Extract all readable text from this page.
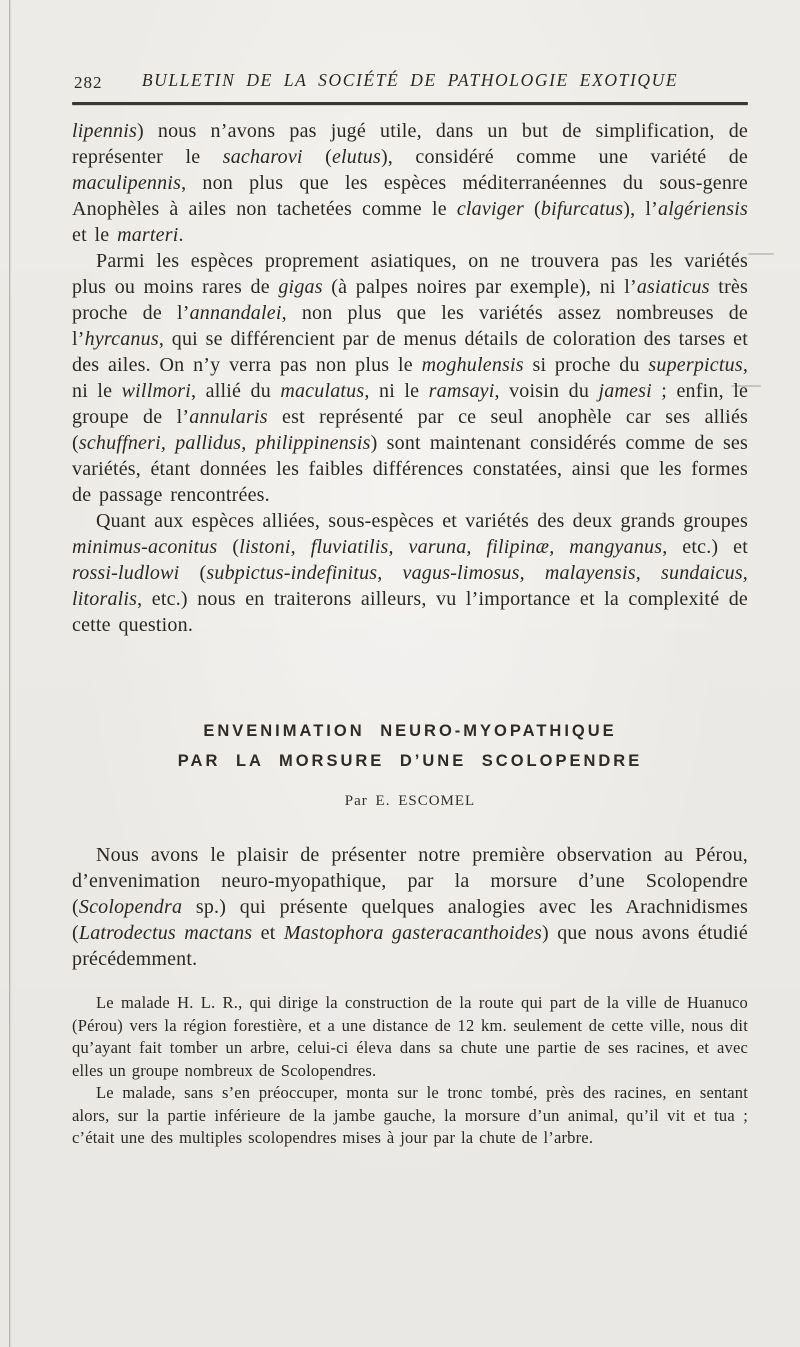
282	BULLETIN DE LA SOCIÉTÉ DE PATHOLOGIE EXOTIQUE

lipennis) nous n’avons pas jugé utile, dans un but de simplification, de représenter le sacharovi (elutus), considéré comme une variété de maculipennis, non plus que les espèces méditerranéennes du sous-genre Anophèles à ailes non tachetées comme le claviger (bifurcatus), l’algériensis et le marteri.

Parmi les espèces proprement asiatiques, on ne trouvera pas les variétés plus ou moins rares de gigas (à palpes noires par exemple), ni l’asiaticus très proche de l’annandalei, non plus que les variétés assez nombreuses de l’hyrcanus, qui se différencient par de menus détails de coloration des tarses et des ailes. On n’y verra pas non plus le moghulensis si proche du superpictus, ni le willmori, allié du maculatus, ni le ramsayi, voisin du jamesi ; enfin, le groupe de l’annularis est représenté par ce seul anophèle car ses alliés (schuffneri, pallidus, philippinensis) sont maintenant considérés comme de ses variétés, étant données les faibles différences constatées, ainsi que les formes de passage rencontrées.

Quant aux espèces alliées, sous-espèces et variétés des deux grands groupes minimus-aconitus (listoni, fluviatilis, varuna, filipinæ, mangyanus, etc.) et rossi-ludlowi (subpictus-indefinitus, vagus-limosus, malayensis, sundaicus, litoralis, etc.) nous en traiterons ailleurs, vu l’importance et la complexité de cette question.

ENVENIMATION NEURO-MYOPATHIQUE
PAR LA MORSURE D’UNE SCOLOPENDRE
Par E. ESCOMEL

Nous avons le plaisir de présenter notre première observation au Pérou, d’envenimation neuro-myopathique, par la morsure d’une Scolopendre (Scolopendra sp.) qui présente quelques analogies avec les Arachnidismes (Latrodectus mactans et Mastophora gasteracanthoides) que nous avons étudié précédemment.

Le malade H. L. R., qui dirige la construction de la route qui part de la ville de Huanuco (Pérou) vers la région forestière, et a une distance de 12 km. seulement de cette ville, nous dit qu’ayant fait tomber un arbre, celui-ci éleva dans sa chute une partie de ses racines, et avec elles un groupe nombreux de Scolopendres.

Le malade, sans s’en préoccuper, monta sur le tronc tombé, près des racines, en sentant alors, sur la partie inférieure de la jambe gauche, la morsure d’un animal, qu’il vit et tua ; c’était une des multiples scolopendres mises à jour par la chute de l’arbre.
